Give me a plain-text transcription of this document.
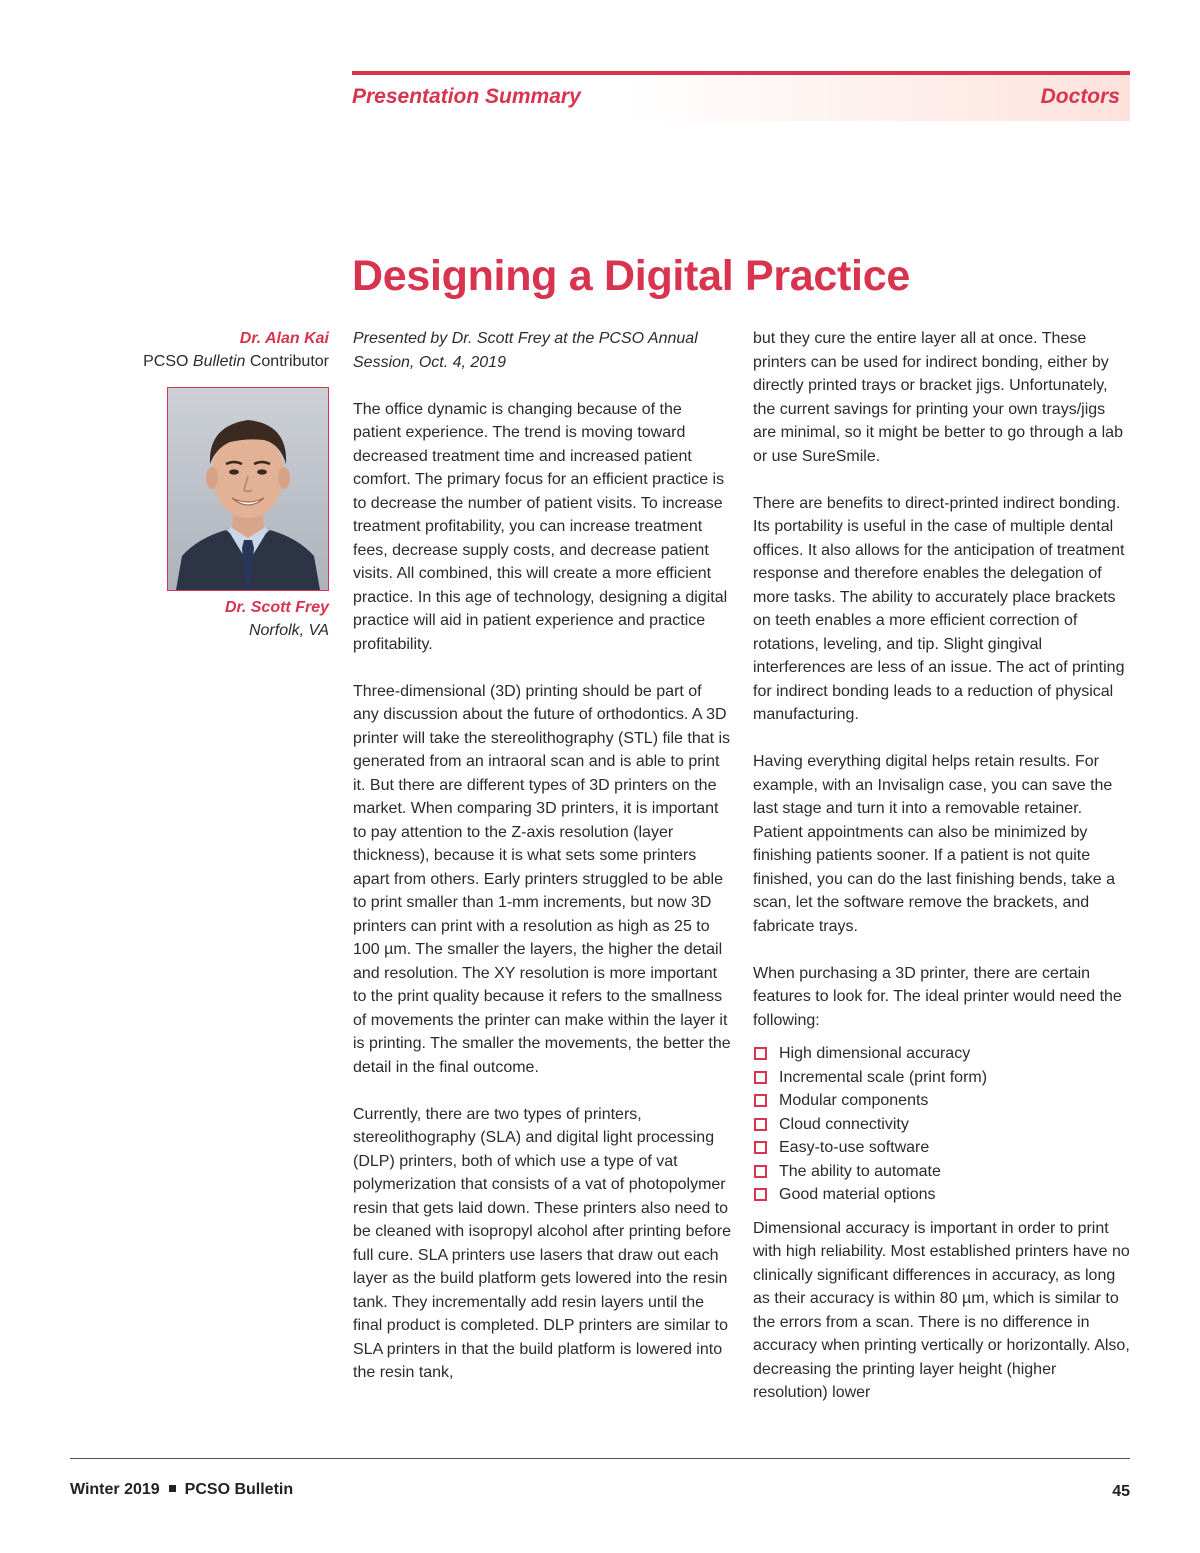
Presentation Summary	Doctors
Designing a Digital Practice
Dr. Alan Kai
PCSO Bulletin Contributor
Dr. Scott Frey
Norfolk, VA

Presented by Dr. Scott Frey at the PCSO Annual Session, Oct. 4, 2019

The office dynamic is changing because of the patient experience. The trend is moving toward decreased treatment time and increased patient comfort. The primary focus for an efficient practice is to decrease the number of patient visits. To increase treatment profitability, you can increase treatment fees, decrease supply costs, and decrease patient visits. All combined, this will create a more efficient practice. In this age of technology, designing a digital practice will aid in patient experience and practice profitability.

Three-dimensional (3D) printing should be part of any discussion about the future of orthodontics. A 3D printer will take the stereolithography (STL) file that is generated from an intraoral scan and is able to print it. But there are different types of 3D printers on the market. When comparing 3D printers, it is important to pay attention to the Z-axis resolution (layer thickness), because it is what sets some printers apart from others. Early printers struggled to be able to print smaller than 1-mm increments, but now 3D printers can print with a resolution as high as 25 to 100 µm. The smaller the layers, the higher the detail and resolution. The XY resolution is more important to the print quality because it refers to the smallness of movements the printer can make within the layer it is printing. The smaller the movements, the better the detail in the final outcome.

Currently, there are two types of printers, stereolithography (SLA) and digital light processing (DLP) printers, both of which use a type of vat polymerization that consists of a vat of photopolymer resin that gets laid down. These printers also need to be cleaned with isopropyl alcohol after printing before full cure. SLA printers use lasers that draw out each layer as the build platform gets lowered into the resin tank. They incrementally add resin layers until the final product is completed. DLP printers are similar to SLA printers in that the build platform is lowered into the resin tank,

but they cure the entire layer all at once. These printers can be used for indirect bonding, either by directly printed trays or bracket jigs. Unfortunately, the current savings for printing your own trays/jigs are minimal, so it might be better to go through a lab or use SureSmile.

There are benefits to direct-printed indirect bonding. Its portability is useful in the case of multiple dental offices. It also allows for the anticipation of treatment response and therefore enables the delegation of more tasks. The ability to accurately place brackets on teeth enables a more efficient correction of rotations, leveling, and tip. Slight gingival interferences are less of an issue. The act of printing for indirect bonding leads to a reduction of physical manufacturing.

Having everything digital helps retain results. For example, with an Invisalign case, you can save the last stage and turn it into a removable retainer. Patient appointments can also be minimized by finishing patients sooner. If a patient is not quite finished, you can do the last finishing bends, take a scan, let the software remove the brackets, and fabricate trays.

When purchasing a 3D printer, there are certain features to look for. The ideal printer would need the following:

High dimensional accuracy
Incremental scale (print form)
Modular components
Cloud connectivity
Easy-to-use software
The ability to automate
Good material options

Dimensional accuracy is important in order to print with high reliability. Most established printers have no clinically significant differences in accuracy, as long as their accuracy is within 80 µm, which is similar to the errors from a scan. There is no difference in accuracy when printing vertically or horizontally. Also, decreasing the printing layer height (higher resolution) lower

Winter 2019 PCSO Bulletin	45
